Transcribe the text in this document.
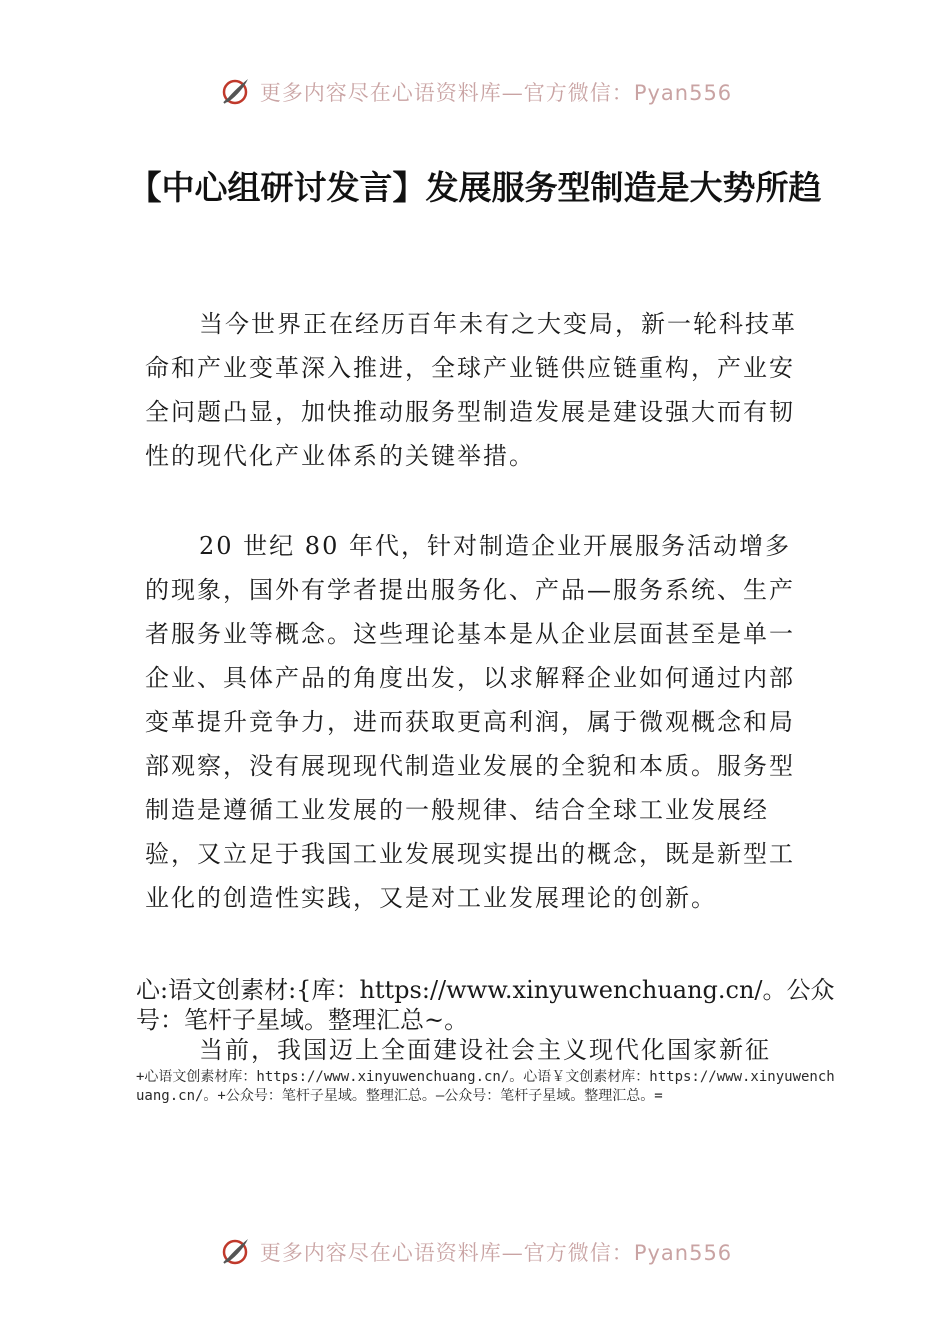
更多内容尽在心语资料库—官方微信：Pyan556
【中心组研讨发言】发展服务型制造是大势所趋

当今世界正在经历百年未有之大变局，新一轮科技革命和产业变革深入推进，全球产业链供应链重构，产业安全问题凸显，加快推动服务型制造发展是建设强大而有韧性的现代化产业体系的关键举措。

20 世纪 80 年代，针对制造企业开展服务活动增多的现象，国外有学者提出服务化、产品—服务系统、生产者服务业等概念。这些理论基本是从企业层面甚至是单一企业、具体产品的角度出发，以求解释企业如何通过内部变革提升竞争力，进而获取更高利润，属于微观概念和局部观察，没有展现现代制造业发展的全貌和本质。服务型制造是遵循工业发展的一般规律、结合全球工业发展经验，又立足于我国工业发展现实提出的概念，既是新型工业化的创造性实践，又是对工业发展理论的创新。

心:语文创素材:{库：https://www.xinyuwenchuang.cn/。公众号：笔杆子星域。整理汇总~。

当前，我国迈上全面建设社会主义现代化国家新征

+心语文创素材库：https://www.xinyuwenchuang.cn/。心语￥文创素材库：https://www.xinyuwenchuang.cn/。+公众号：笔杆子星域。整理汇总。—公众号：笔杆子星域。整理汇总。=

更多内容尽在心语资料库—官方微信：Pyan556
